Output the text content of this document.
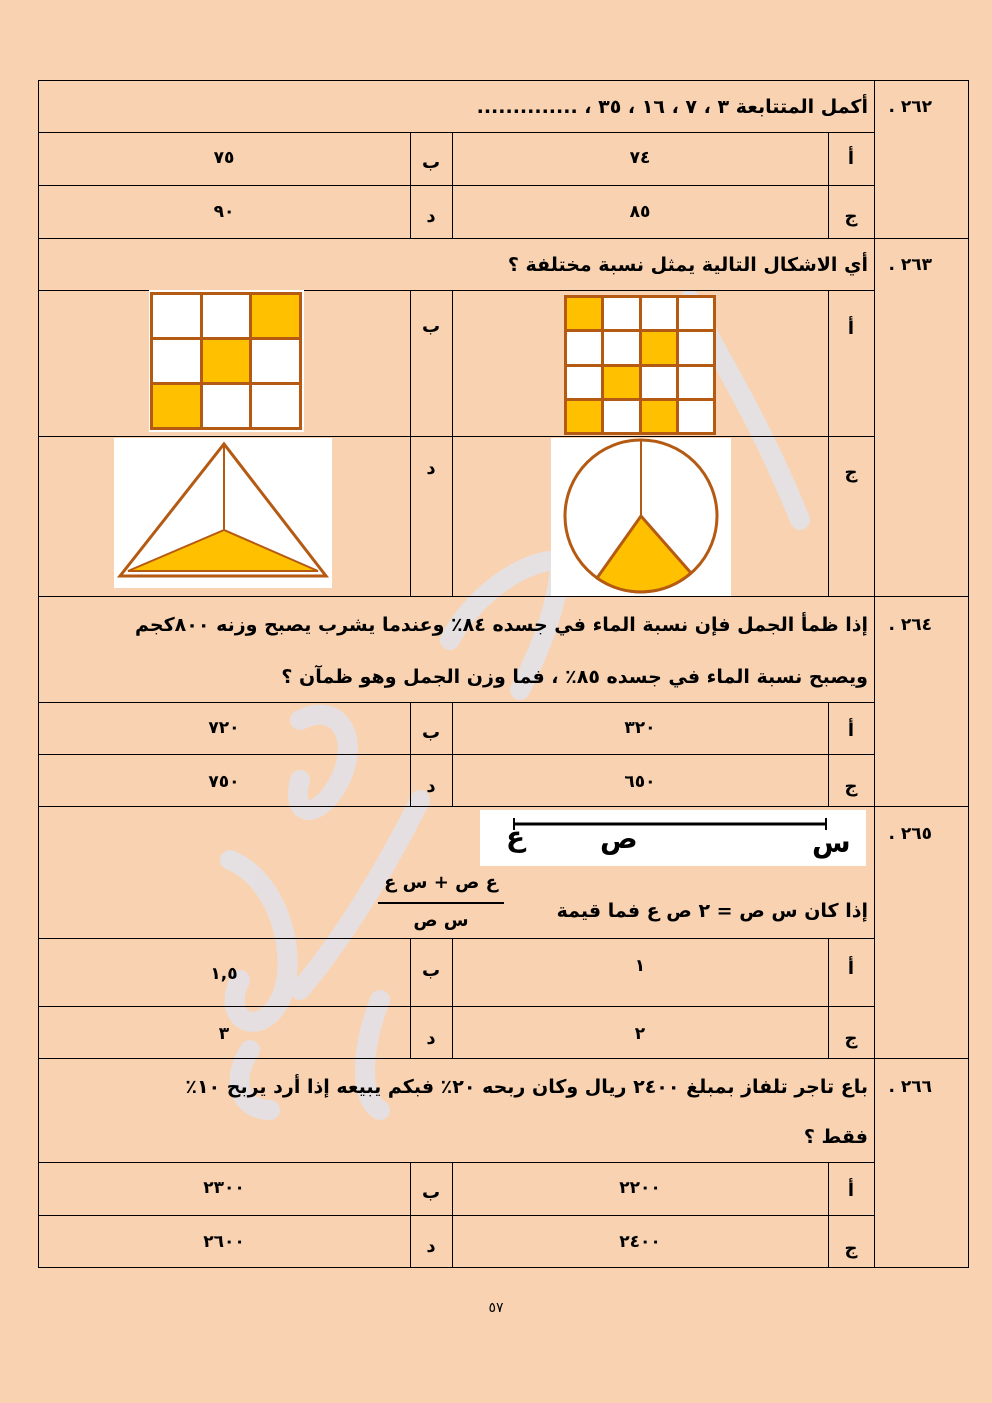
٢٦٢ .
أكمل المتتابعة ٣ ، ٧ ، ١٦ ، ٣٥ ، ..............
أ
٧٤
ب
٧٥
ج
٨٥
د
٩٠
٢٦٣ .
أي الاشكال التالية يمثل نسبة مختلفة ؟
أ
ب
ج
د
٢٦٤ .
إذا ظمأ الجمل فإن نسبة الماء في جسده ٨٤٪ وعندما يشرب يصبح وزنه ٨٠٠كجم
ويصبح نسبة الماء في جسده ٨٥٪ ، فما وزن الجمل وهو ظمآن ؟
أ
٣٢٠
ب
٧٢٠
ج
٦٥٠
د
٧٥٠
٢٦٥ .
س
ص
ع
إذا كان س ص = ٢ ص ع فما قيمة
ع ص + س ع
س ص
أ
١
ب
١,٥
ج
٢
د
٣
٢٦٦ .
باع تاجر تلفاز بمبلغ ٢٤٠٠ ريال وكان ربحه ٢٠٪ فبكم يبيعه إذا أرد يربح ١٠٪
فقط ؟
أ
٢٢٠٠
ب
٢٣٠٠
ج
٢٤٠٠
د
٢٦٠٠
٥٧
